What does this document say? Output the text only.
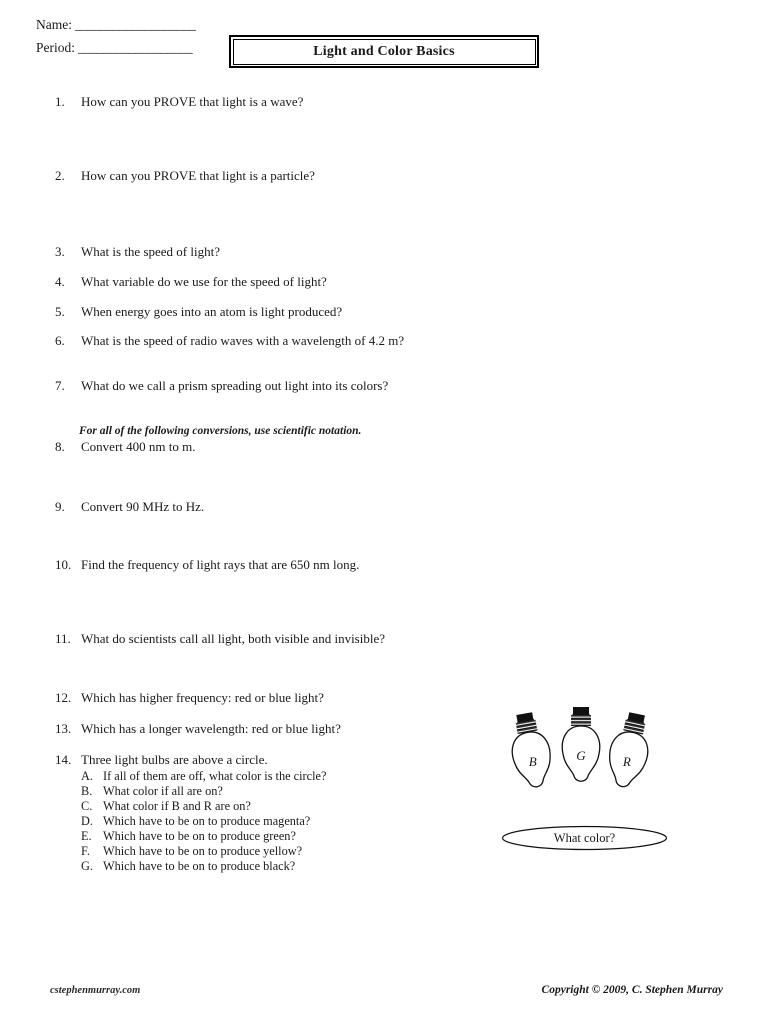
Name: ___________________
Period: __________________	Light and Color Basics
1.	How can you PROVE that light is a wave?
2.	How can you PROVE that light is a particle?
3.	What is the speed of light?
4.	What variable do we use for the speed of light?
5.	When energy goes into an atom is light produced?
6.	What is the speed of radio waves with a wavelength of 4.2 m?
7.	What do we call a prism spreading out light into its colors?
8.	Convert 400 nm to m.
9.	Convert 90 MHz to Hz.
10. Find the frequency of light rays that are 650 nm long.
11. What do scientists call all light, both visible and invisible?
12. Which has higher frequency: red or blue light?
13. Which has a longer wavelength: red or blue light?
14. Three light bulbs are above a circle.
For all of the following conversions, use scientific notation.
A. If all of them are off, what color is the circle?
B. What color if all are on?
C. What color if B and R are on?
D. Which have to be on to produce magenta?
E. Which have to be on to produce green?
F.	Which have to be on to produce yellow?
G. Which have to be on to produce black?
B	G	R
What color?
cstephenmurray.com	Copyright © 2009, C. Stephen Murray
